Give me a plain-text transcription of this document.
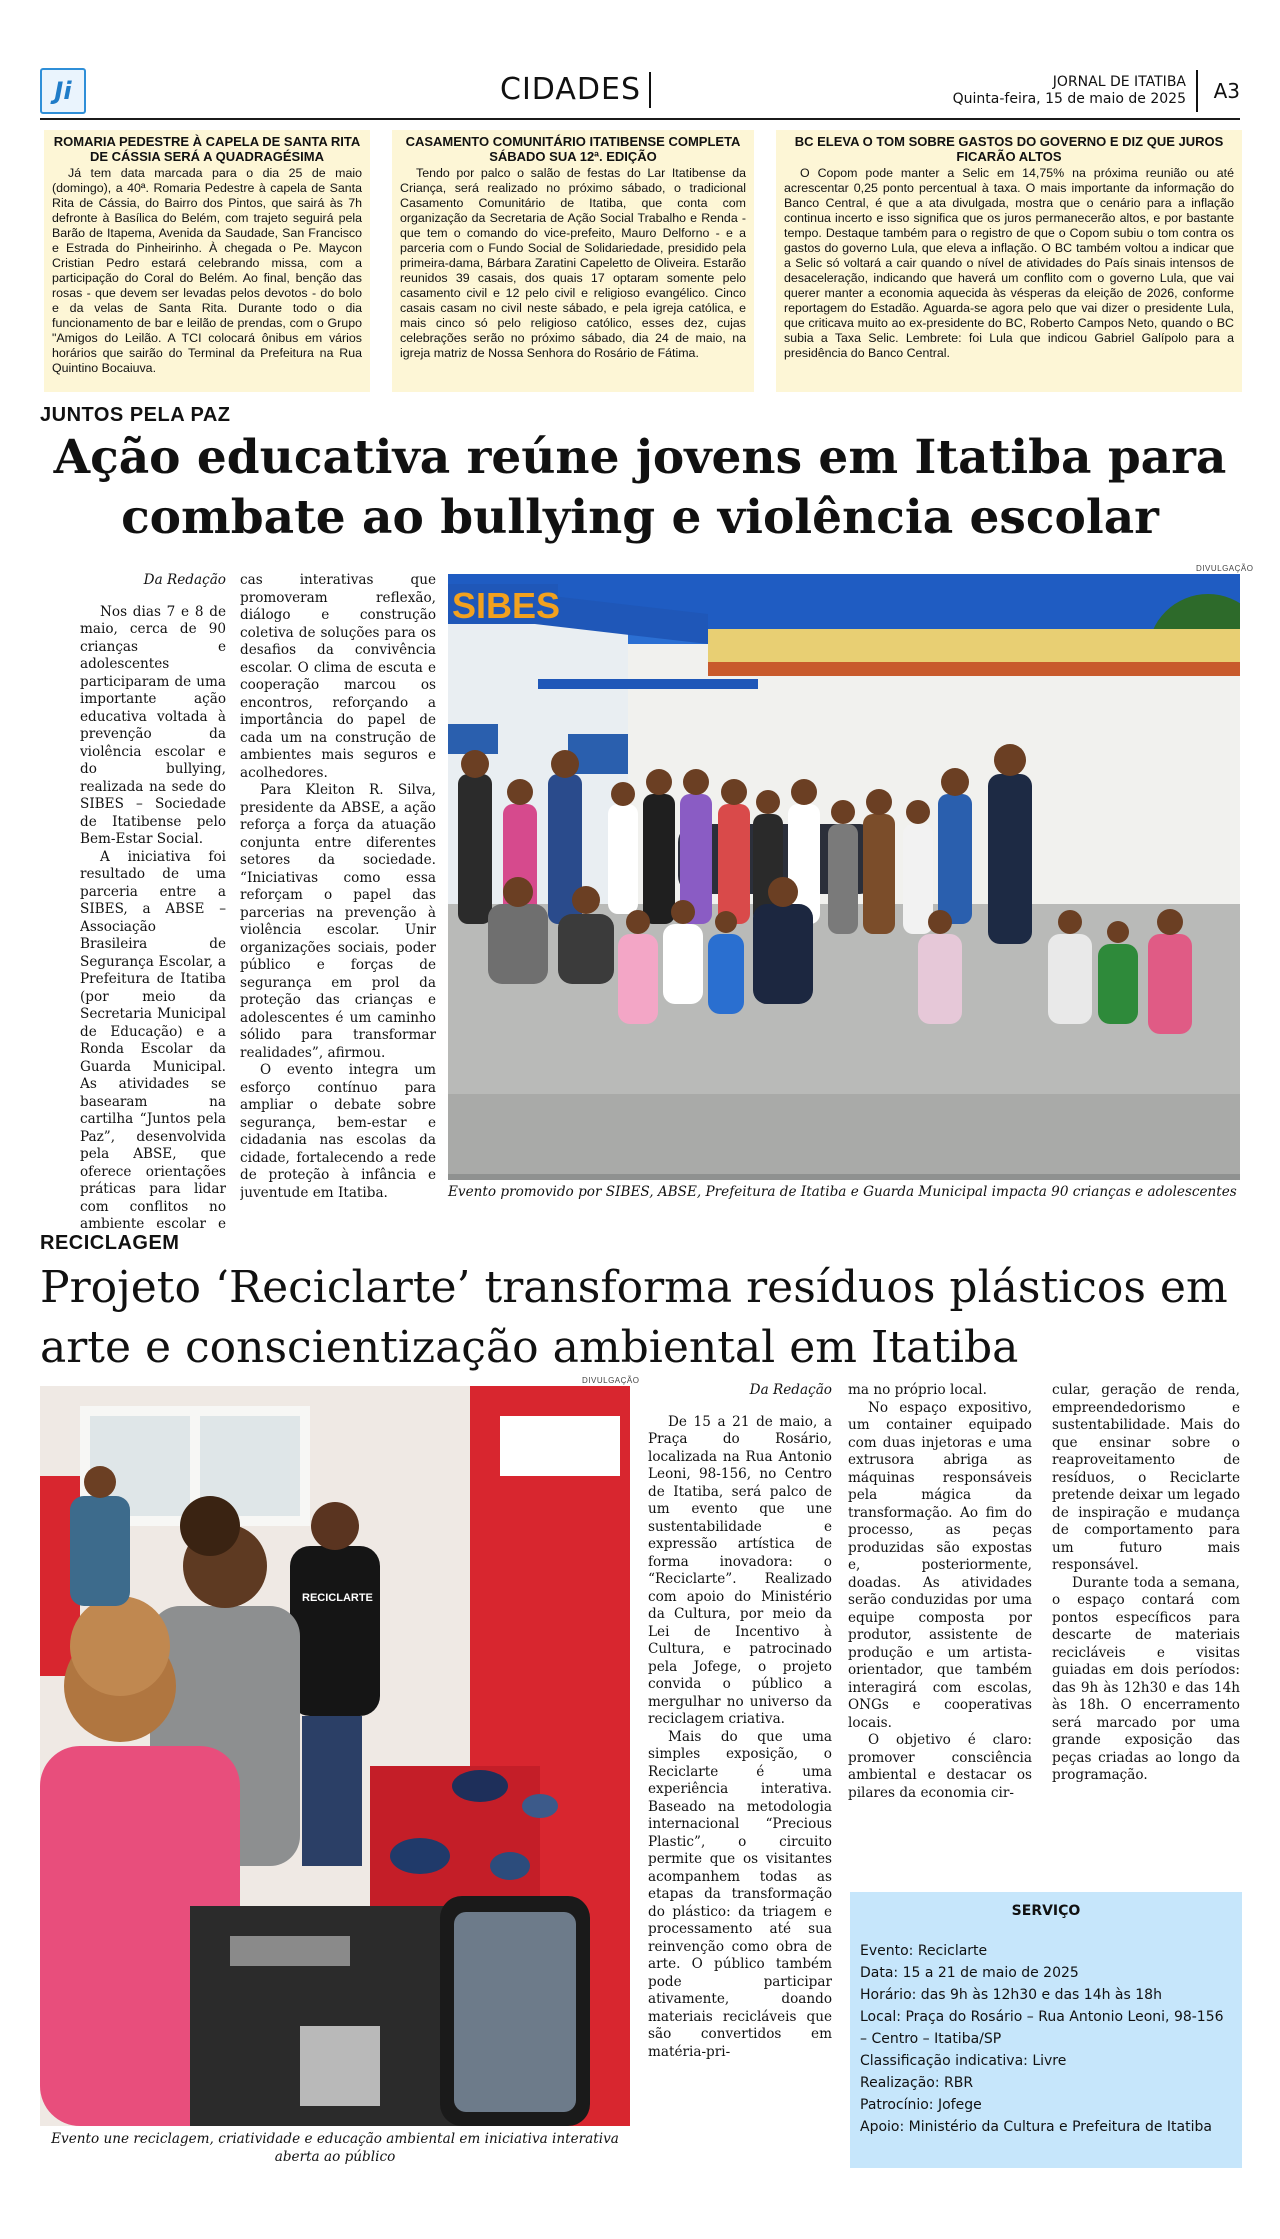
Ji	CIDADES	JORNAL DE ITATIBA
Quinta-feira, 15 de maio de 2025	A3
ROMARIA PEDESTRE À CAPELA DE SANTA RITA DE CÁSSIA SERÁ A QUADRAGÉSIMA

Já tem data marcada para o dia 25 de maio (domingo), a 40ª. Romaria Pedestre à capela de Santa Rita de Cássia, do Bairro dos Pintos, que sairá às 7h defronte à Basílica do Belém, com trajeto seguirá pela Barão de Itapema, Avenida da Saudade, San Francisco e Estrada do Pinheirinho. À chegada o Pe. Maycon Cristian Pedro estará celebrando missa, com a participação do Coral do Belém. Ao final, benção das rosas - que devem ser levadas pelos devotos - do bolo e da velas de Santa Rita. Durante todo o dia funcionamento de bar e leilão de prendas, com o Grupo "Amigos do Leilão. A TCI colocará ônibus em vários horários que sairão do Terminal da Prefeitura na Rua Quintino Bocaiuva.

CASAMENTO COMUNITÁRIO ITATIBENSE COMPLETA SÁBADO SUA 12ª. EDIÇÃO

Tendo por palco o salão de festas do Lar Itatibense da Criança, será realizado no próximo sábado, o tradicional Casamento Comunitário de Itatiba, que conta com organização da Secretaria de Ação Social Trabalho e Renda - que tem o comando do vice-prefeito, Mauro Delforno - e a parceria com o Fundo Social de Solidariedade, presidido pela primeira-dama, Bárbara Zaratini Capeletto de Oliveira. Estarão reunidos 39 casais, dos quais 17 optaram somente pelo casamento civil e 12 pelo civil e religioso evangélico. Cinco casais casam no civil neste sábado, e pela igreja católica, e mais cinco só pelo religioso católico, esses dez, cujas celebrações serão no próximo sábado, dia 24 de maio, na igreja matriz de Nossa Senhora do Rosário de Fátima.

BC ELEVA O TOM SOBRE GASTOS DO GOVERNO E DIZ QUE JUROS FICARÃO ALTOS

O Copom pode manter a Selic em 14,75% na próxima reunião ou até acrescentar 0,25 ponto percentual à taxa. O mais importante da informação do Banco Central, é que a ata divulgada, mostra que o cenário para a inflação continua incerto e isso significa que os juros permanecerão altos, e por bastante tempo. Destaque também para o registro de que o Copom subiu o tom contra os gastos do governo Lula, que eleva a inflação. O BC também voltou a indicar que a Selic só voltará a cair quando o nível de atividades do País sinais intensos de desaceleração, indicando que haverá um conflito com o governo Lula, que vai querer manter a economia aquecida às vésperas da eleição de 2026, conforme reportagem do Estadão. Aguarda-se agora pelo que vai dizer o presidente Lula, que criticava muito ao ex-presidente do BC, Roberto Campos Neto, quando o BC subia a Taxa Selic. Lembrete: foi Lula que indicou Gabriel Galípolo para a presidência do Banco Central.

JUNTOS PELA PAZ
Ação educativa reúne jovens em Itatiba para combate ao bullying e violência escolar

Da Redação

Nos dias 7 e 8 de maio, cerca de 90 crianças e adolescentes participaram de uma importante ação educativa voltada à prevenção da violência escolar e do bullying, realizada na sede do SIBES – Sociedade de Itatibense pelo Bem-Estar Social.

A iniciativa foi resultado de uma parceria entre a SIBES, a ABSE – Associação Brasileira de Segurança Escolar, a Prefeitura de Itatiba (por meio da Secretaria Municipal de Educação) e a Ronda Escolar da Guarda Municipal. As atividades se basearam na cartilha “Juntos pela Paz”, desenvolvida pela ABSE, que oferece orientações práticas para lidar com conflitos no ambiente escolar e

cas interativas que promoveram reflexão, diálogo e construção coletiva de soluções para os desafios da convivência escolar. O clima de escuta e cooperação marcou os encontros, reforçando a importância do papel de cada um na construção de ambientes mais seguros e acolhedores.

Para Kleiton R. Silva, presidente da ABSE, a ação reforça a força da atuação conjunta entre diferentes setores da sociedade. “Iniciativas como essa reforçam o papel das parcerias na prevenção à violência escolar. Unir organizações sociais, poder público e forças de segurança em prol da proteção das crianças e adolescentes é um caminho sólido para transformar realidades”, afirmou.

O evento integra um esforço contínuo para ampliar o debate sobre segurança, bem-estar e cidadania nas escolas da cidade, fortalecendo a rede de proteção à infância e juventude em Itatiba.

DIVULGAÇÃO
SIBES
Evento promovido por SIBES, ABSE, Prefeitura de Itatiba e Guarda Municipal impacta 90 crianças e adolescentes
RECICLAGEM
Projeto ‘Reciclarte’ transforma resíduos plásticos em arte e conscientização ambiental em Itatiba
DIVULGAÇÃO
RECICLARTE
Evento une reciclagem, criatividade e educação ambiental em iniciativa interativa aberta ao público

Da Redação

De 15 a 21 de maio, a Praça do Rosário, localizada na Rua Antonio Leoni, 98-156, no Centro de Itatiba, será palco de um evento que une sustentabilidade e expressão artística de forma inovadora: o “Reciclarte”. Realizado com apoio do Ministério da Cultura, por meio da Lei de Incentivo à Cultura, e patrocinado pela Jofege, o projeto convida o público a mergulhar no universo da reciclagem criativa.

Mais do que uma simples exposição, o Reciclarte é uma experiência interativa. Baseado na metodologia internacional “Precious Plastic”, o circuito permite que os visitantes acompanhem todas as etapas da transformação do plástico: da triagem e processamento até sua reinvenção como obra de arte. O público também pode participar ativamente, doando materiais recicláveis que são convertidos em matéria-pri-

ma no próprio local.

No espaço expositivo, um container equipado com duas injetoras e uma extrusora abriga as máquinas responsáveis pela mágica da transformação. Ao fim do processo, as peças produzidas são expostas e, posteriormente, doadas. As atividades serão conduzidas por uma equipe composta por produtor, assistente de produção e um artista-orientador, que também interagirá com escolas, ONGs e cooperativas locais.

O objetivo é claro: promover consciência ambiental e destacar os pilares da economia cir-

cular, geração de renda, empreendedorismo e sustentabilidade. Mais do que ensinar sobre o reaproveitamento de resíduos, o Reciclarte pretende deixar um legado de inspiração e mudança de comportamento para um futuro mais responsável.

Durante toda a semana, o espaço contará com pontos específicos para descarte de materiais recicláveis e visitas guiadas em dois períodos: das 9h às 12h30 e das 14h às 18h. O encerramento será marcado por uma grande exposição das peças criadas ao longo da programação.

SERVIÇO
Evento: Reciclarte
Data: 15 a 21 de maio de 2025
Horário: das 9h às 12h30 e das 14h às 18h
Local: Praça do Rosário – Rua Antonio Leoni, 98-156
– Centro – Itatiba/SP
Classificação indicativa: Livre
Realização: RBR
Patrocínio: Jofege
Apoio: Ministério da Cultura e Prefeitura de Itatiba
